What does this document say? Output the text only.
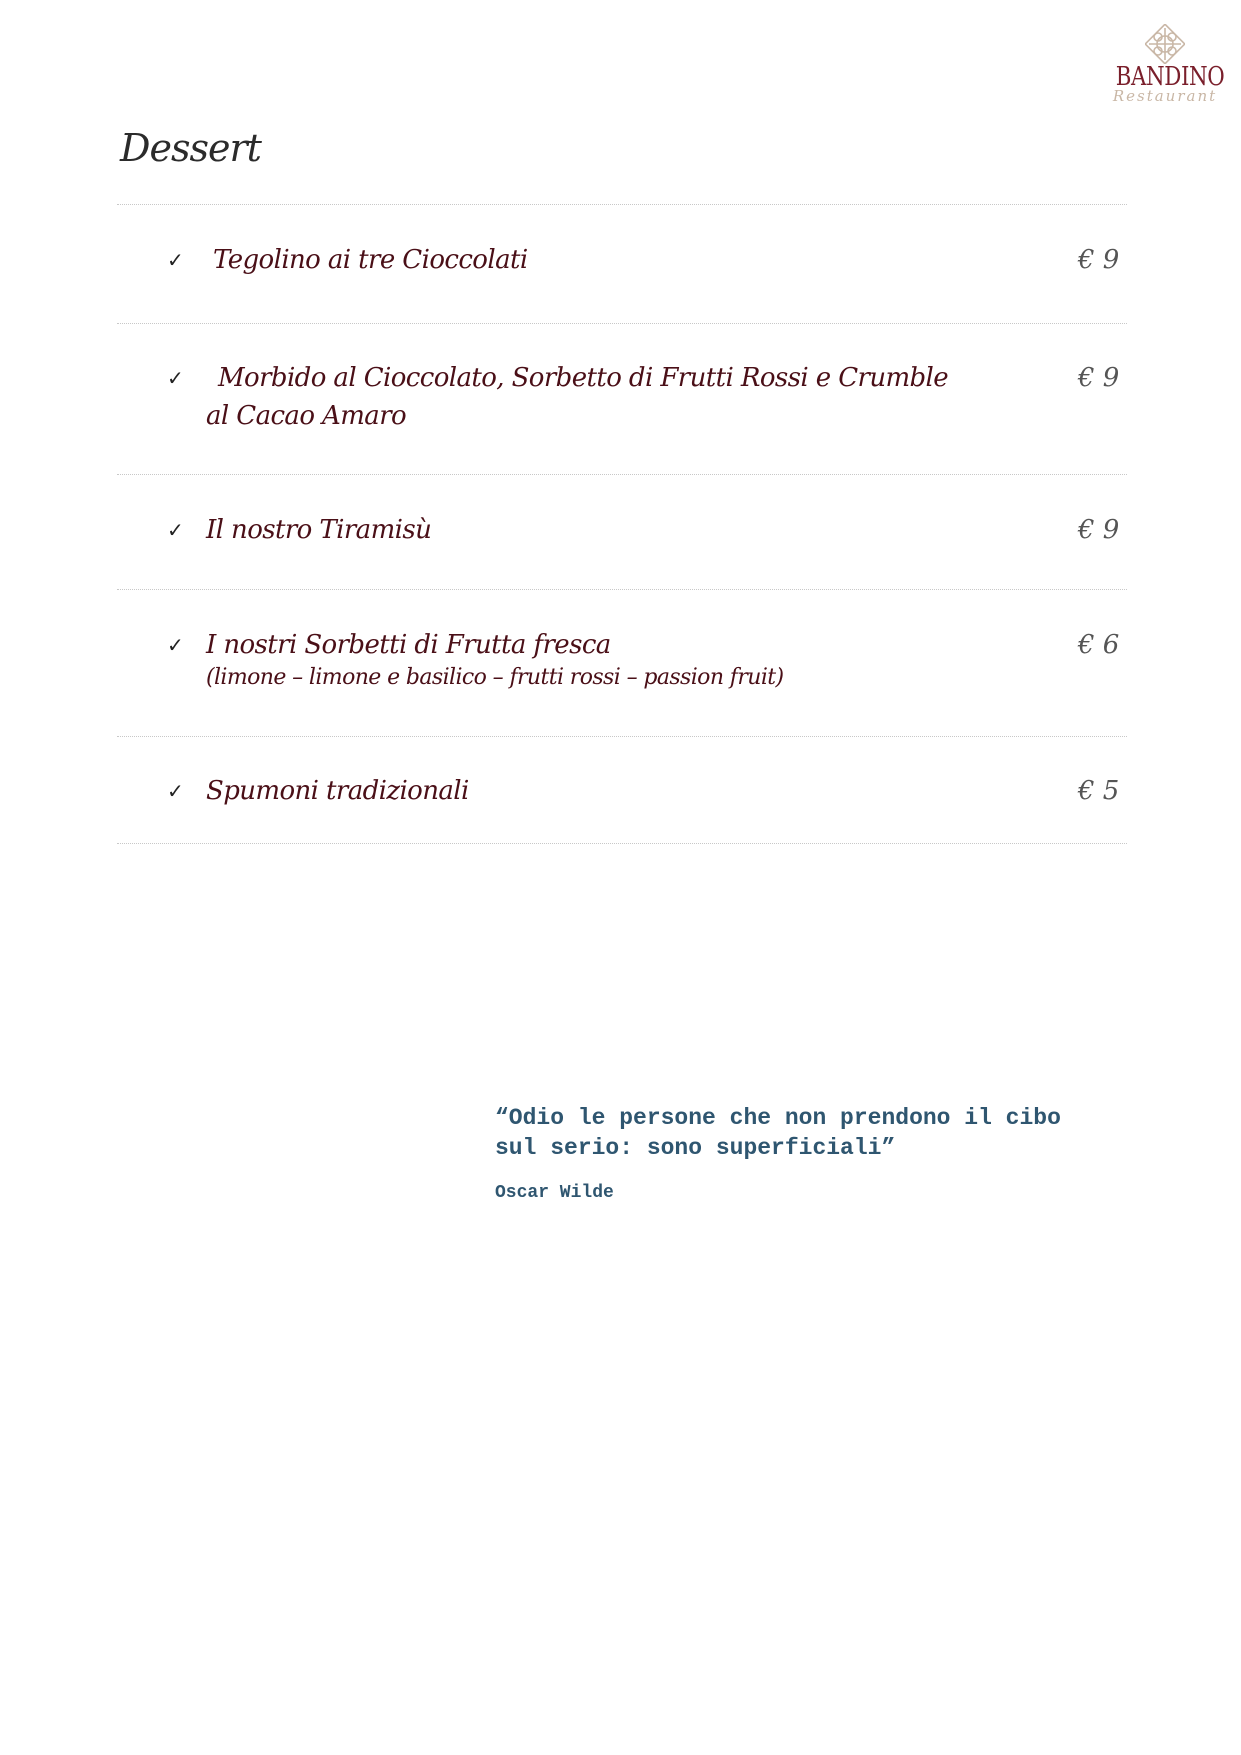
BANDINO
Restaurant
Dessert
✓ Tegolino ai tre Cioccolati	€ 9
✓ Morbido al Cioccolato, Sorbetto di Frutti Rossi e Crumble	€ 9
al Cacao Amaro
✓ Il nostro Tiramisù	€ 9
✓ I nostri Sorbetti di Frutta fresca	€ 6
(limone – limone e basilico – frutti rossi – passion fruit)
✓ Spumoni tradizionali	€ 5

“Odio le persone che non prendono il cibo
sul serio: sono superficiali”

Oscar Wilde
